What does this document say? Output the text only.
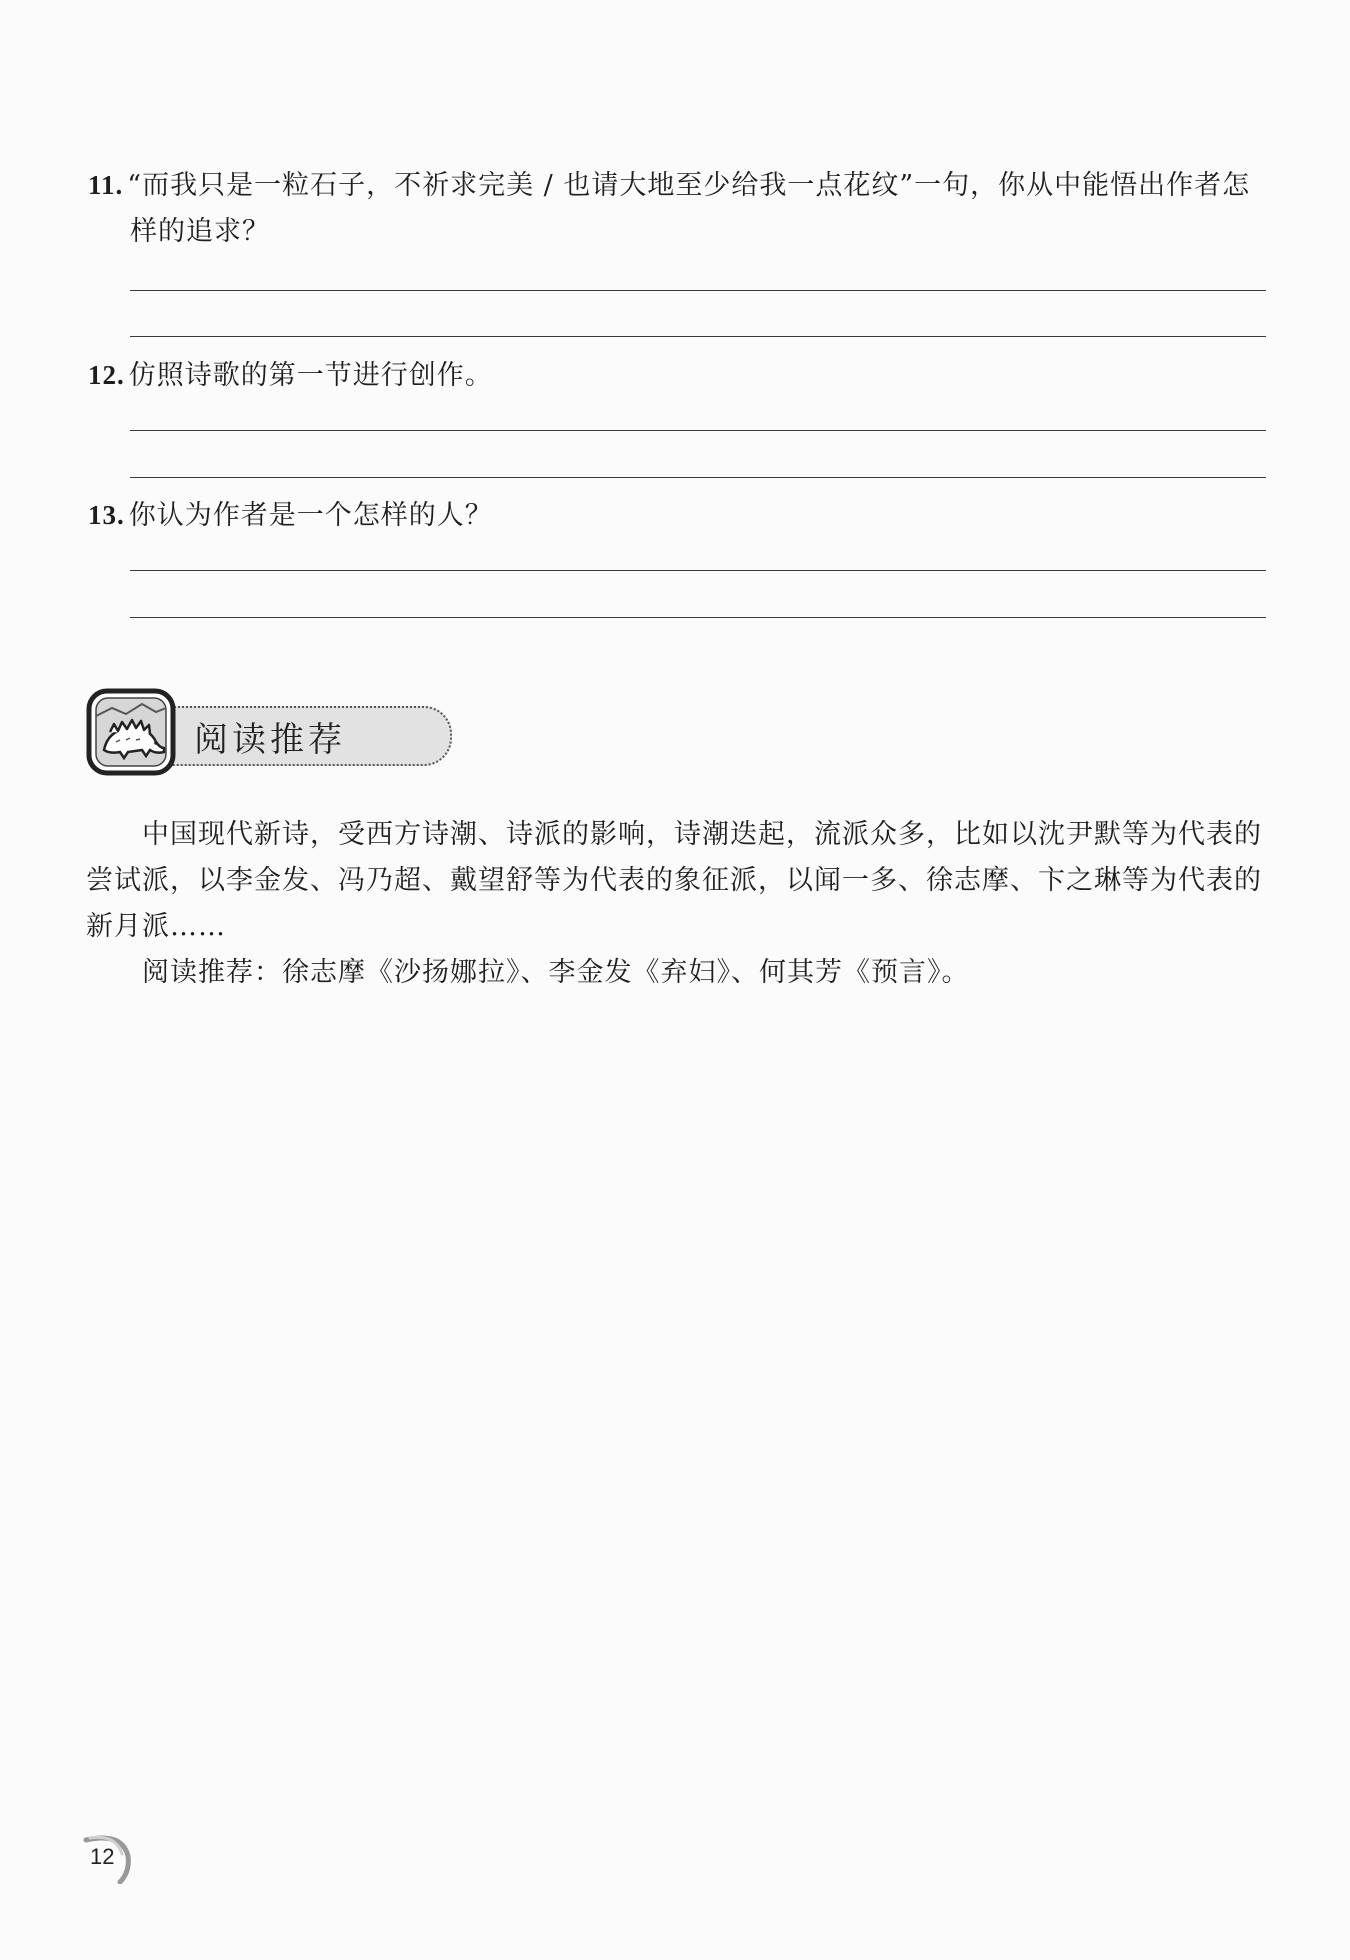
11. “而我只是一粒石子，不祈求完美 / 也请大地至少给我一点花纹”一句，你从中能悟出作者怎
样的追求？
12. 仿照诗歌的第一节进行创作。
13. 你认为作者是一个怎样的人？
阅读推荐
中国现代新诗，受西方诗潮、诗派的影响，诗潮迭起，流派众多，比如以沈尹默等为代表的尝试派，以李金发、冯乃超、戴望舒等为代表的象征派，以闻一多、徐志摩、卞之琳等为代表的新月派……
阅读推荐：徐志摩《沙扬娜拉》、李金发《弃妇》、何其芳《预言》。
12
